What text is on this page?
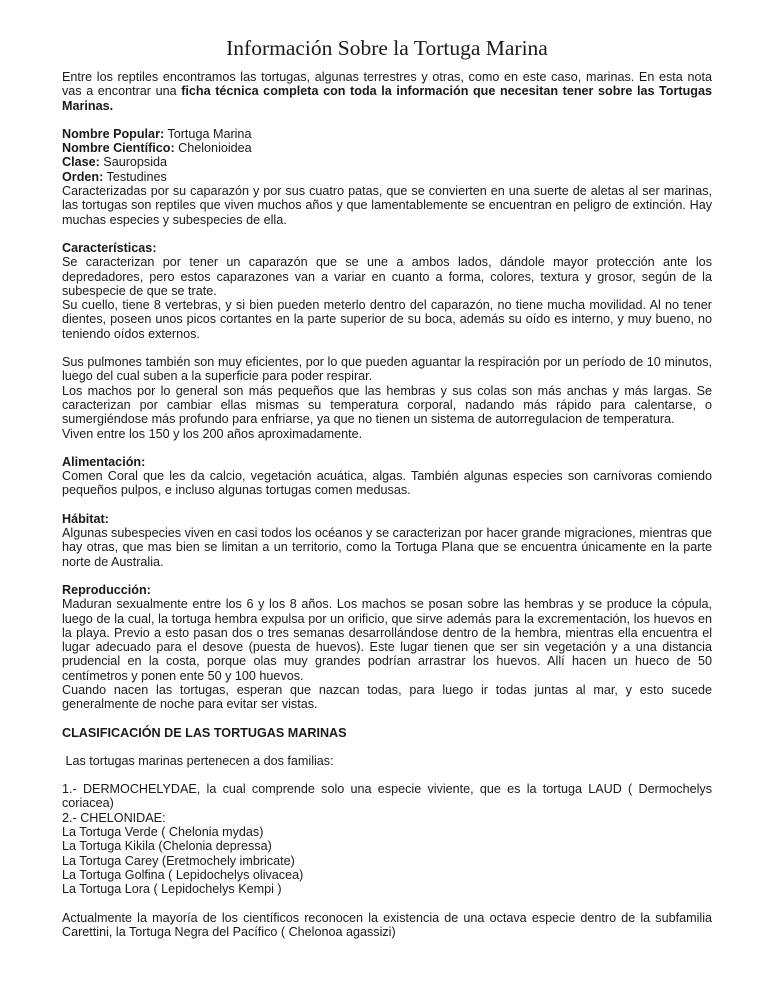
Información Sobre la Tortuga Marina

Entre los reptiles encontramos las tortugas, algunas terrestres y otras, como en este caso, marinas. En esta nota vas a encontrar una ficha técnica completa con toda la información que necesitan tener sobre las Tortugas Marinas.

Nombre Popular: Tortuga Marina
Nombre Científico: Chelonioidea
Clase: Sauropsida
Orden: Testudines

Caracterizadas por su caparazón y por sus cuatro patas, que se convierten en una suerte de aletas al ser marinas, las tortugas son reptiles que viven muchos años y que lamentablemente se encuentran en peligro de extinción. Hay muchas especies y subespecies de ella.

Características:

Se caracterizan por tener un caparazón que se une a ambos lados, dándole mayor protección ante los depredadores, pero estos caparazones van a variar en cuanto a forma, colores, textura y grosor, según de la subespecie de que se trate.

Su cuello, tiene 8 vertebras, y si bien pueden meterlo dentro del caparazón, no tiene mucha movilidad. Al no tener dientes, poseen unos picos cortantes en la parte superior de su boca, además su oído es interno, y muy bueno, no teniendo oídos externos.

Sus pulmones también son muy eficientes, por lo que pueden aguantar la respiración por un período de 10 minutos, luego del cual suben a la superficie para poder respirar.

Los machos por lo general son más pequeños que las hembras y sus colas son más anchas y más largas. Se caracterizan por cambiar ellas mismas su temperatura corporal, nadando más rápido para calentarse, o sumergiéndose más profundo para enfriarse, ya que no tienen un sistema de autorregulacion de temperatura.

Viven entre los 150 y los 200 años aproximadamente.

Alimentación:

Comen Coral que les da calcio, vegetación acuática, algas. También algunas especies son carnívoras comiendo pequeños pulpos, e incluso algunas tortugas comen medusas.

Hábitat:

Algunas subespecies viven en casi todos los océanos y se caracterizan por hacer grande migraciones, mientras que hay otras, que mas bien se limitan a un territorio, como la Tortuga Plana que se encuentra únicamente en la parte norte de Australia.

Reproducción:

Maduran sexualmente entre los 6 y los 8 años. Los machos se posan sobre las hembras y se produce la cópula, luego de la cual, la tortuga hembra expulsa por un orificio, que sirve además para la excrementación, los huevos en la playa. Previo a esto pasan dos o tres semanas desarrollándose dentro de la hembra, mientras ella encuentra el lugar adecuado para el desove (puesta de huevos). Este lugar tienen que ser sin vegetación y a una distancia prudencial en la costa, porque olas muy grandes podrían arrastrar los huevos. Allí hacen un hueco de 50 centímetros y ponen ente 50 y 100 huevos.

Cuando nacen las tortugas, esperan que nazcan todas, para luego ir todas juntas al mar, y esto sucede generalmente de noche para evitar ser vistas.

CLASIFICACIÓN DE LAS TORTUGAS MARINAS

Las tortugas marinas pertenecen a dos familias:

1.- DERMOCHELYDAE, la cual comprende solo una especie viviente, que es la tortuga LAUD ( Dermochelys coriacea)

2.- CHELONIDAE:
La Tortuga Verde ( Chelonia mydas)
La Tortuga Kikila (Chelonia depressa)
La Tortuga Carey (Eretmochely imbricate)
La Tortuga Golfina ( Lepidochelys olivacea)
La Tortuga Lora ( Lepidochelys Kempi )

Actualmente la mayoría de los científicos reconocen la existencia de una octava especie dentro de la subfamilia Carettini, la Tortuga Negra del Pacífico ( Chelonoa agassizi)
